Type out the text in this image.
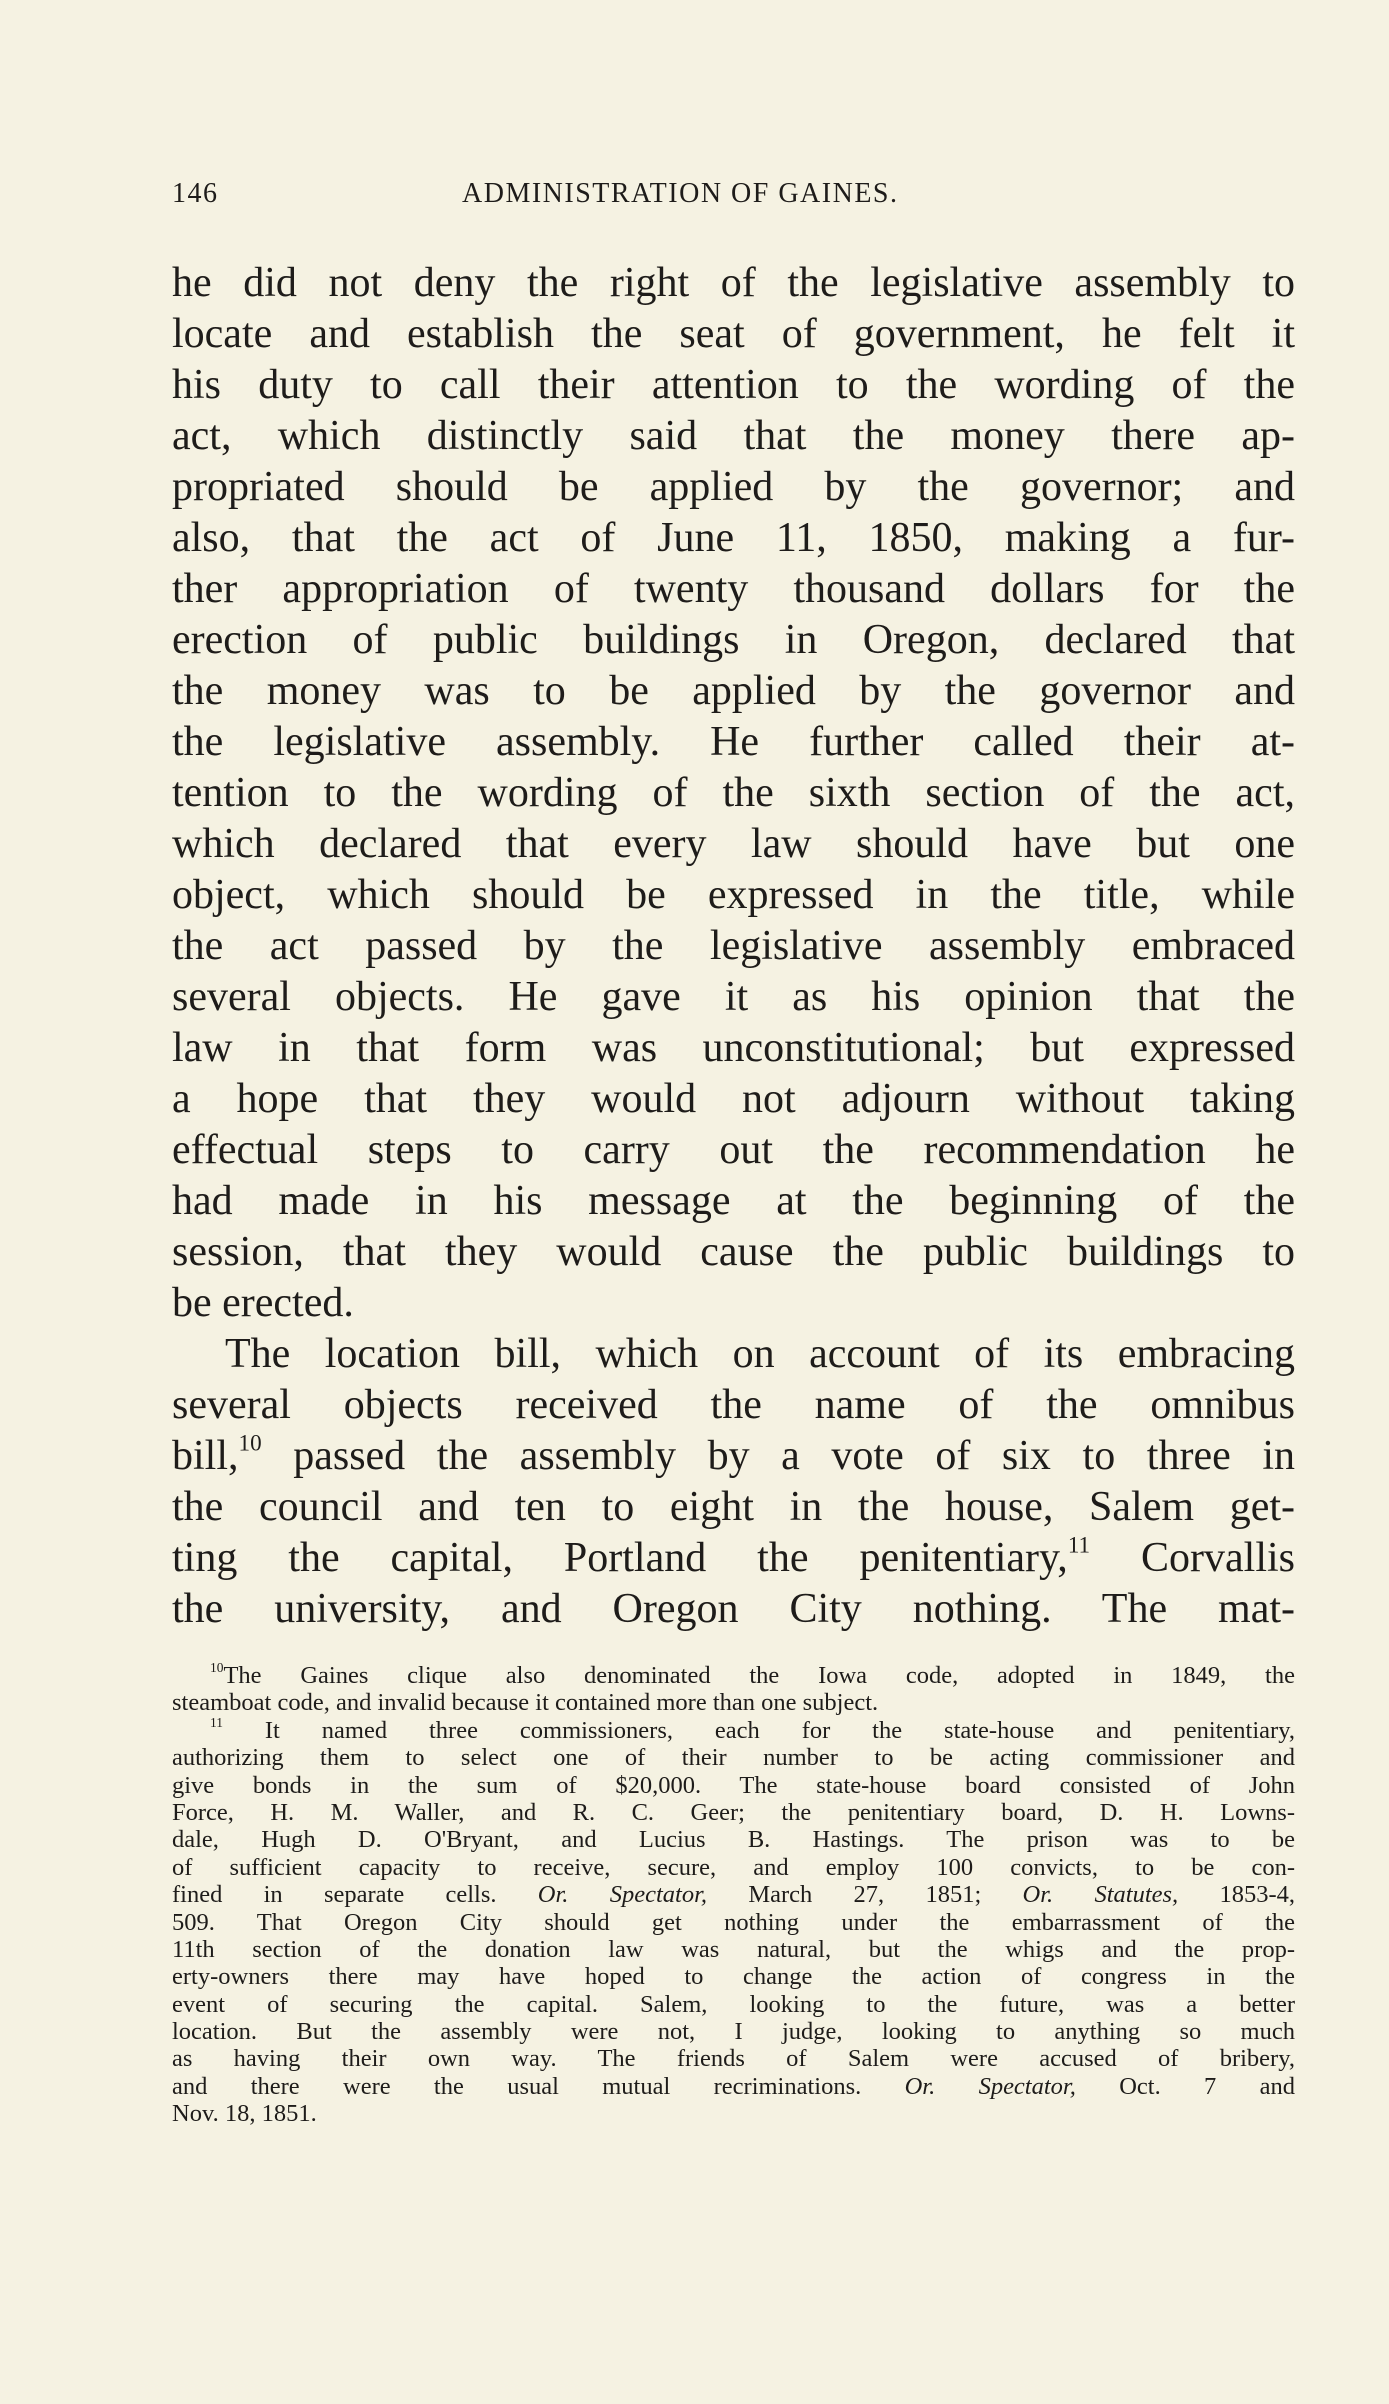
146	ADMINISTRATION OF GAINES.
he did not deny the right of the legislative assembly to
locate and establish the seat of government, he felt it
his duty to call their attention to the wording of the
act, which distinctly said that the money there ap-
propriated should be applied by the governor; and
also, that the act of June 11, 1850, making a fur-
ther appropriation of twenty thousand dollars for the
erection of public buildings in Oregon, declared that
the money was to be applied by the governor and
the legislative assembly. He further called their at-
tention to the wording of the sixth section of the act,
which declared that every law should have but one
object, which should be expressed in the title, while
the act passed by the legislative assembly embraced
several objects. He gave it as his opinion that the
law in that form was unconstitutional; but expressed
a hope that they would not adjourn without taking
effectual steps to carry out the recommendation he
had made in his message at the beginning of the
session, that they would cause the public buildings to
be erected.
The location bill, which on account of its embracing
several objects received the name of the omnibus
bill,$^{10}$ passed the assembly by a vote of six to three in
the council and ten to eight in the house, Salem get-
ting the capital, Portland the penitentiary,$^{11}$ Corvallis
the university, and Oregon City nothing. The mat-
$^{10}$The Gaines clique also denominated the Iowa code, adopted in 1849, the
steamboat code, and invalid because it contained more than one subject.
$^{11}$ It named three commissioners, each for the state-house and penitentiary,
authorizing them to select one of their number to be acting commissioner and
give bonds in the sum of $20,000. The state-house board consisted of John
Force, H. M. Waller, and R. C. Geer; the penitentiary board, D. H. Lowns-
dale, Hugh D. O'Bryant, and Lucius B. Hastings. The prison was to be
of sufficient capacity to receive, secure, and employ 100 convicts, to be con-
fined in separate cells. Or. Spectator, March 27, 1851; Or. Statutes, 1853-4,
509. That Oregon City should get nothing under the embarrassment of the
11th section of the donation law was natural, but the whigs and the prop-
erty-owners there may have hoped to change the action of congress in the
event of securing the capital. Salem, looking to the future, was a better
location. But the assembly were not, I judge, looking to anything so much
as having their own way. The friends of Salem were accused of bribery,
and there were the usual mutual recriminations. Or. Spectator, Oct. 7 and
Nov. 18, 1851.
